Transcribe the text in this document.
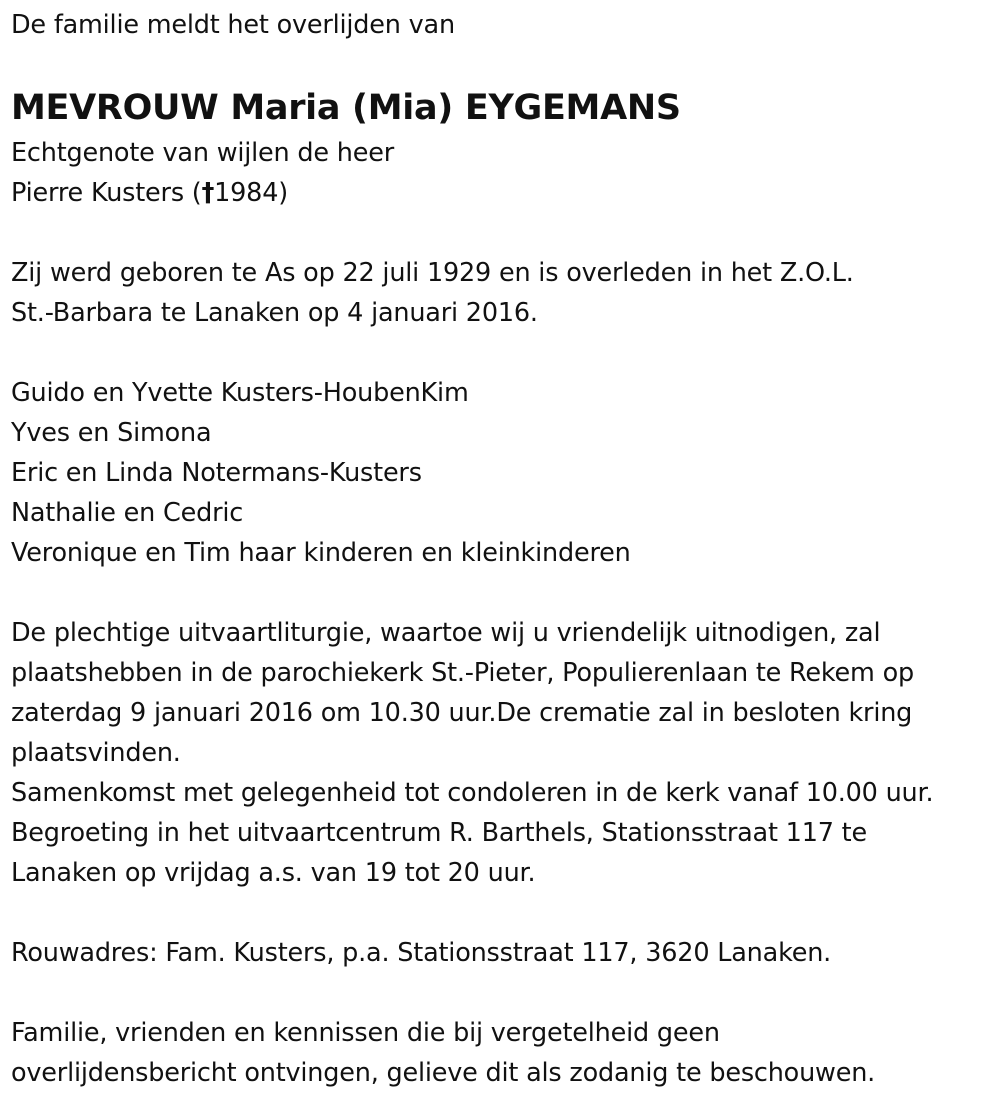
De familie meldt het overlijden van
MEVROUW Maria (Mia) EYGEMANS
Echtgenote van wijlen de heer
Pierre Kusters (†1984)
Zij werd geboren te As op 22 juli 1929 en is overleden in het Z.O.L.
St.-Barbara te Lanaken op 4 januari 2016.
Guido en Yvette Kusters-HoubenKim
Yves en Simona
Eric en Linda Notermans-Kusters
Nathalie en Cedric
Veronique en Tim haar kinderen en kleinkinderen
De plechtige uitvaartliturgie, waartoe wij u vriendelijk uitnodigen, zal
plaatshebben in de parochiekerk St.-Pieter, Populierenlaan te Rekem op
zaterdag 9 januari 2016 om 10.30 uur.De crematie zal in besloten kring
plaatsvinden.
Samenkomst met gelegenheid tot condoleren in de kerk vanaf 10.00 uur.
Begroeting in het uitvaartcentrum R. Barthels, Stationsstraat 117 te
Lanaken op vrijdag a.s. van 19 tot 20 uur.
Rouwadres: Fam. Kusters, p.a. Stationsstraat 117, 3620 Lanaken.
Familie, vrienden en kennissen die bij vergetelheid geen
overlijdensbericht ontvingen, gelieve dit als zodanig te beschouwen.
